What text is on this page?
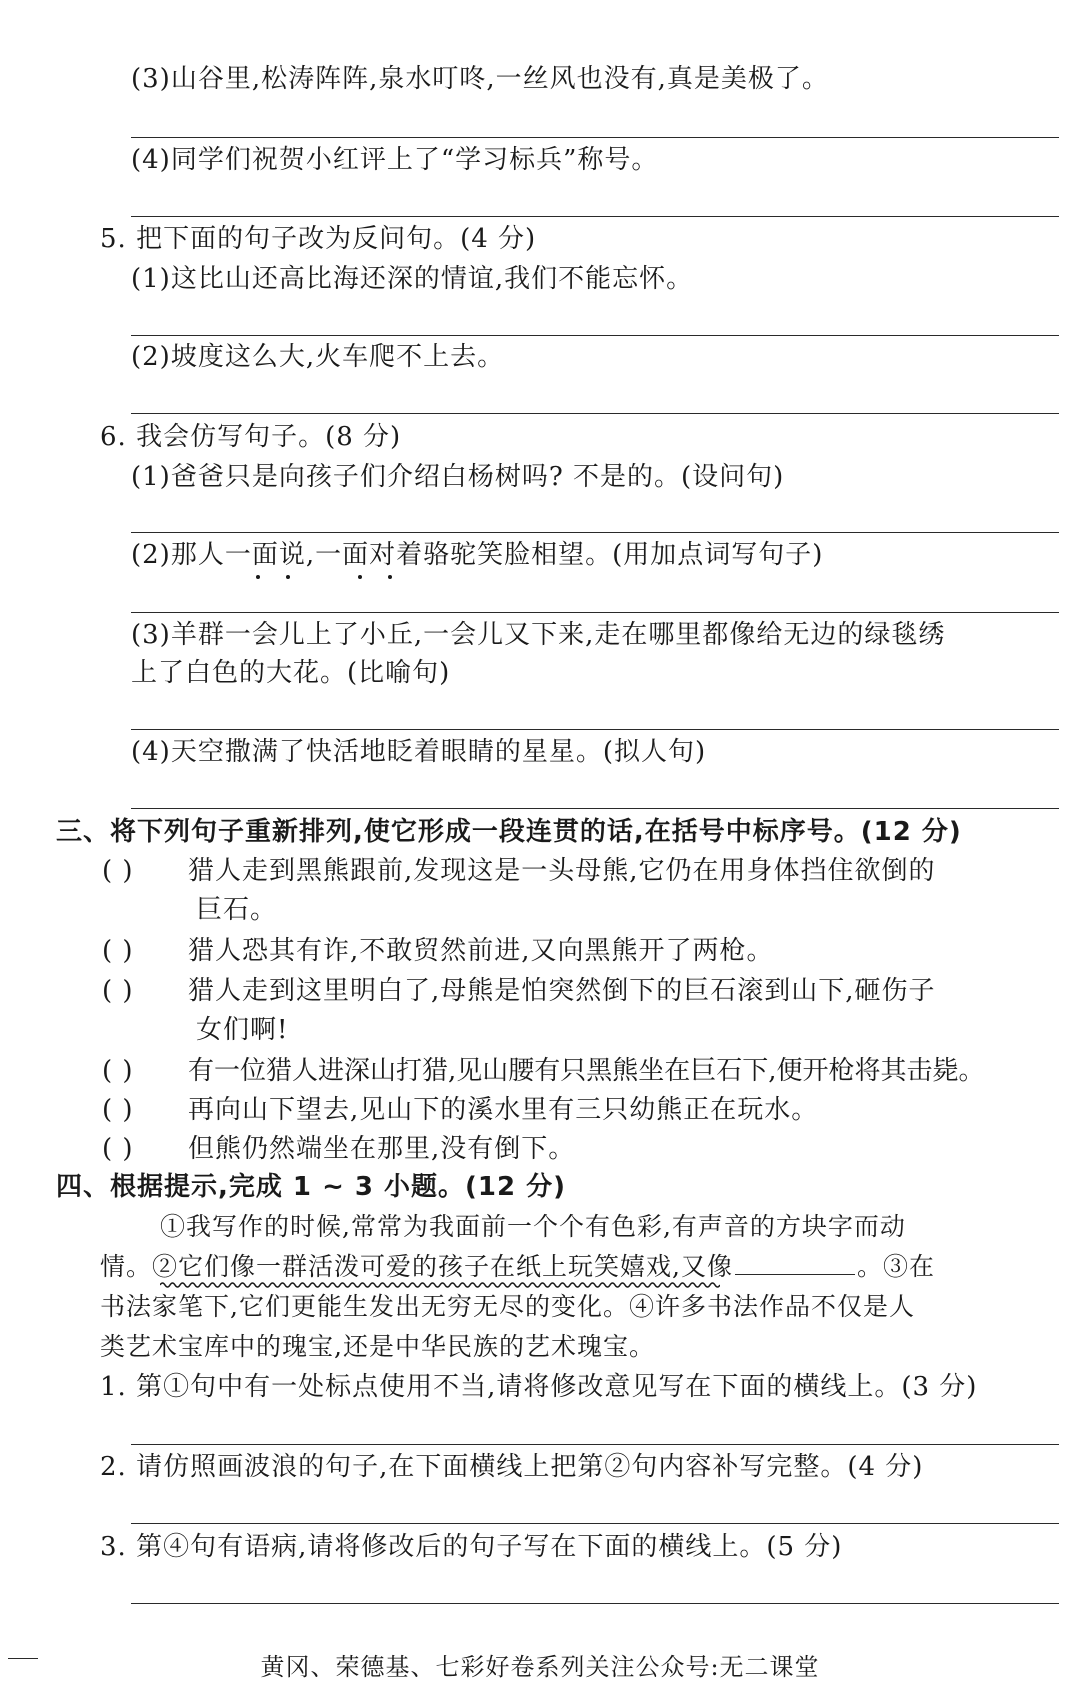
(3)山谷里,松涛阵阵,泉水叮咚,一丝风也没有,真是美极了。
(4)同学们祝贺小红评上了“学习标兵”称号。
5. 把下面的句子改为反问句。(4 分)
(1)这比山还高比海还深的情谊,我们不能忘怀。
(2)坡度这么大,火车爬不上去。
6. 我会仿写句子。(8 分)
(1)爸爸只是向孩子们介绍白杨树吗? 不是的。(设问句)
(2)那人一面说,一面对着骆驼笑脸相望。(用加点词写句子)
(3)羊群一会儿上了小丘,一会儿又下来,走在哪里都像给无边的绿毯绣
上了白色的大花。(比喻句)
(4)天空撒满了快活地眨着眼睛的星星。(拟人句)
三、将下列句子重新排列,使它形成一段连贯的话,在括号中标序号。(12 分)
( ) 猎人走到黑熊跟前,发现这是一头母熊,它仍在用身体挡住欲倒的
巨石。
( ) 猎人恐其有诈,不敢贸然前进,又向黑熊开了两枪。
( ) 猎人走到这里明白了,母熊是怕突然倒下的巨石滚到山下,砸伤子
女们啊!
( ) 有一位猎人进深山打猎,见山腰有只黑熊坐在巨石下,便开枪将其击毙。
( ) 再向山下望去,见山下的溪水里有三只幼熊正在玩水。
( ) 但熊仍然端坐在那里,没有倒下。
四、根据提示,完成 1 ~ 3 小题。(12 分)
①我写作的时候,常常为我面前一个个有色彩,有声音的方块字而动
情。②它们像一群活泼可爱的孩子在纸上玩笑嬉戏,又像	。③在
书法家笔下,它们更能生发出无穷无尽的变化。④许多书法作品不仅是人
类艺术宝库中的瑰宝,还是中华民族的艺术瑰宝。
1. 第①句中有一处标点使用不当,请将修改意见写在下面的横线上。(3 分)
2. 请仿照画波浪的句子,在下面横线上把第②句内容补写完整。(4 分)
3. 第④句有语病,请将修改后的句子写在下面的横线上。(5 分)
黄冈、荣德基、七彩好卷系列关注公众号:无二课堂
